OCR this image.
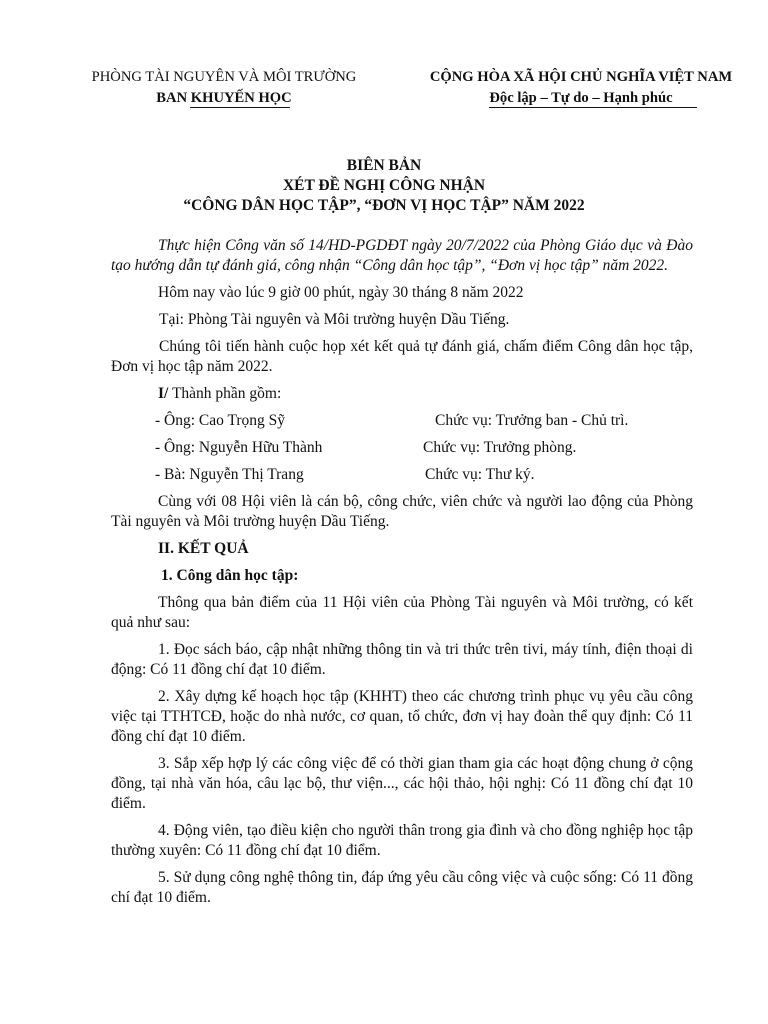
PHÒNG TÀI NGUYÊN VÀ MÔI TRƯỜNG
BAN KHUYẾN HỌC
CỘNG HÒA XÃ HỘI CHỦ NGHĨA VIỆT NAM
Độc lập – Tự do – Hạnh phúc
BIÊN BẢN
XÉT ĐỀ NGHỊ CÔNG NHẬN
“CÔNG DÂN HỌC TẬP”, “ĐƠN VỊ HỌC TẬP” NĂM 2022

Thực hiện Công văn số 14/HD-PGDĐT ngày 20/7/2022 của Phòng Giáo dục và Đào tạo hướng dẫn tự đánh giá, công nhận “Công dân học tập”, “Đơn vị học tập” năm 2022.

Hôm nay vào lúc 9 giờ 00 phút, ngày 30 tháng 8 năm 2022

Tại: Phòng Tài nguyên và Môi trường huyện Dầu Tiếng.

Chúng tôi tiến hành cuộc họp xét kết quả tự đánh giá, chấm điểm Công dân học tập, Đơn vị học tập năm 2022.

I/ Thành phần gồm:

- Ông: Cao Trọng Sỹ	Chức vụ: Trưởng ban - Chủ trì.
- Ông: Nguyễn Hữu Thành	Chức vụ: Trưởng phòng.
- Bà: Nguyễn Thị Trang	Chức vụ: Thư ký.

Cùng với 08 Hội viên là cán bộ, công chức, viên chức và người lao động của Phòng Tài nguyên và Môi trường huyện Dầu Tiếng.

II. KẾT QUẢ

1. Công dân học tập:

Thông qua bản điểm của 11 Hội viên của Phòng Tài nguyên và Môi trường, có kết quả như sau:

1. Đọc sách báo, cập nhật những thông tin và tri thức trên tivi, máy tính, điện thoại di động: Có 11 đồng chí đạt 10 điểm.

2. Xây dựng kế hoạch học tập (KHHT) theo các chương trình phục vụ yêu cầu công việc tại TTHTCĐ, hoặc do nhà nước, cơ quan, tổ chức, đơn vị hay đoàn thể quy định: Có 11 đồng chí đạt 10 điểm.

3. Sắp xếp hợp lý các công việc để có thời gian tham gia các hoạt động chung ở cộng đồng, tại nhà văn hóa, câu lạc bộ, thư viện..., các hội thảo, hội nghị: Có 11 đồng chí đạt 10 điểm.

4. Động viên, tạo điều kiện cho người thân trong gia đình và cho đồng nghiệp học tập thường xuyên: Có 11 đồng chí đạt 10 điểm.

5. Sử dụng công nghệ thông tin, đáp ứng yêu cầu công việc và cuộc sống: Có 11 đồng chí đạt 10 điểm.
